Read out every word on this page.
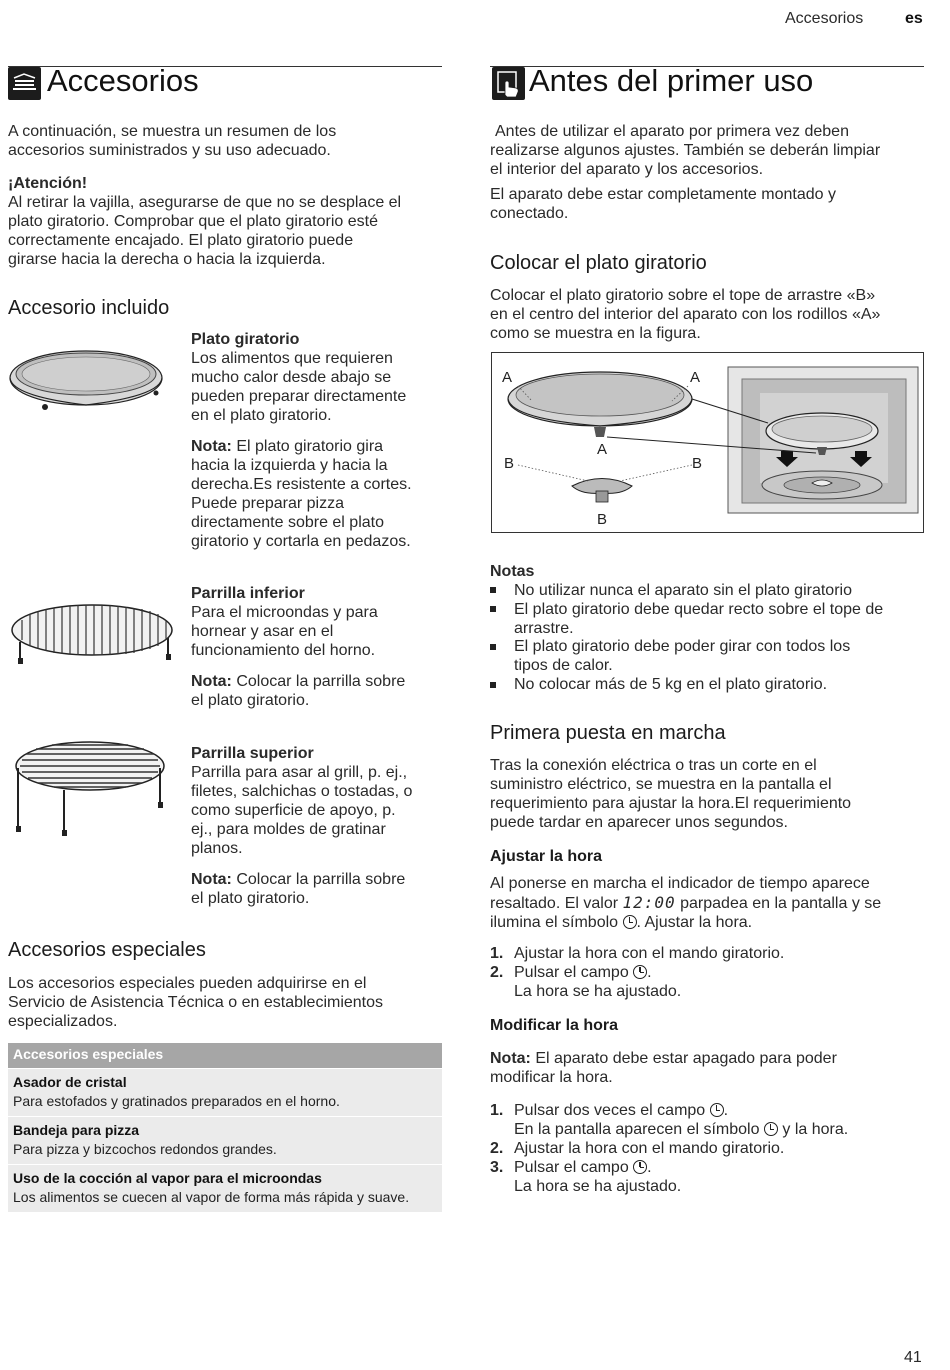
Accesorios	es
Accesorios
A continuación, se muestra un resumen de los
accesorios suministrados y su uso adecuado.
¡Atención!
Al retirar la vajilla, asegurarse de que no se desplace el
plato giratorio. Comprobar que el plato giratorio esté
correctamente encajado. El plato giratorio puede
girarse hacia la derecha o hacia la izquierda.
Accesorio incluido
Plato giratorio
Los alimentos que requieren
mucho calor desde abajo se
pueden preparar directamente
en el plato giratorio.
Nota: El plato giratorio gira
hacia la izquierda y hacia la
derecha.Es resistente a cortes.
Puede preparar pizza
directamente sobre el plato
giratorio y cortarla en pedazos.
Parrilla inferior
Para el microondas y para
hornear y asar en el
funcionamiento del horno.
Nota: Colocar la parrilla sobre
el plato giratorio.
Parrilla superior
Parrilla para asar al grill, p. ej.,
filetes, salchichas o tostadas, o
como superficie de apoyo, p.
ej., para moldes de gratinar
planos.
Nota: Colocar la parrilla sobre
el plato giratorio.
Accesorios especiales
Los accesorios especiales pueden adquirirse en el
Servicio de Asistencia Técnica o en establecimientos
especializados.
Accesorios especiales
Asador de cristal
Para estofados y gratinados preparados en el horno.
Bandeja para pizza
Para pizza y bizcochos redondos grandes.
Uso de la cocción al vapor para el microondas
Los alimentos se cuecen al vapor de forma más rápida y suave.
Antes del primer uso
Antes de utilizar el aparato por primera vez deben
realizarse algunos ajustes. También se deberán limpiar
el interior del aparato y los accesorios.
El aparato debe estar completamente montado y
conectado.
Colocar el plato giratorio
Colocar el plato giratorio sobre el tope de arrastre «B»
en el centro del interior del aparato con los rodillos «A»
como se muestra en la figura.
A	A
A
B	B
B
Notas
No utilizar nunca el aparato sin el plato giratorio
El plato giratorio debe quedar recto sobre el tope de
arrastre.
El plato giratorio debe poder girar con todos los
tipos de calor.
No colocar más de 5 kg en el plato giratorio.
Primera puesta en marcha
Tras la conexión eléctrica o tras un corte en el
suministro eléctrico, se muestra en la pantalla el
requerimiento para ajustar la hora.El requerimiento
puede tardar en aparecer unos segundos.
Ajustar la hora
Al ponerse en marcha el indicador de tiempo aparece
resaltado. El valor 12:00 parpadea en la pantalla y se
ilumina el símbolo . Ajustar la hora.
1. Ajustar la hora con el mando giratorio.
2. Pulsar el campo .
La hora se ha ajustado.
Modificar la hora
Nota: El aparato debe estar apagado para poder
modificar la hora.
1. Pulsar dos veces el campo .
En la pantalla aparecen el símbolo  y la hora.
2. Ajustar la hora con el mando giratorio.
3. Pulsar el campo .
La hora se ha ajustado.
41
